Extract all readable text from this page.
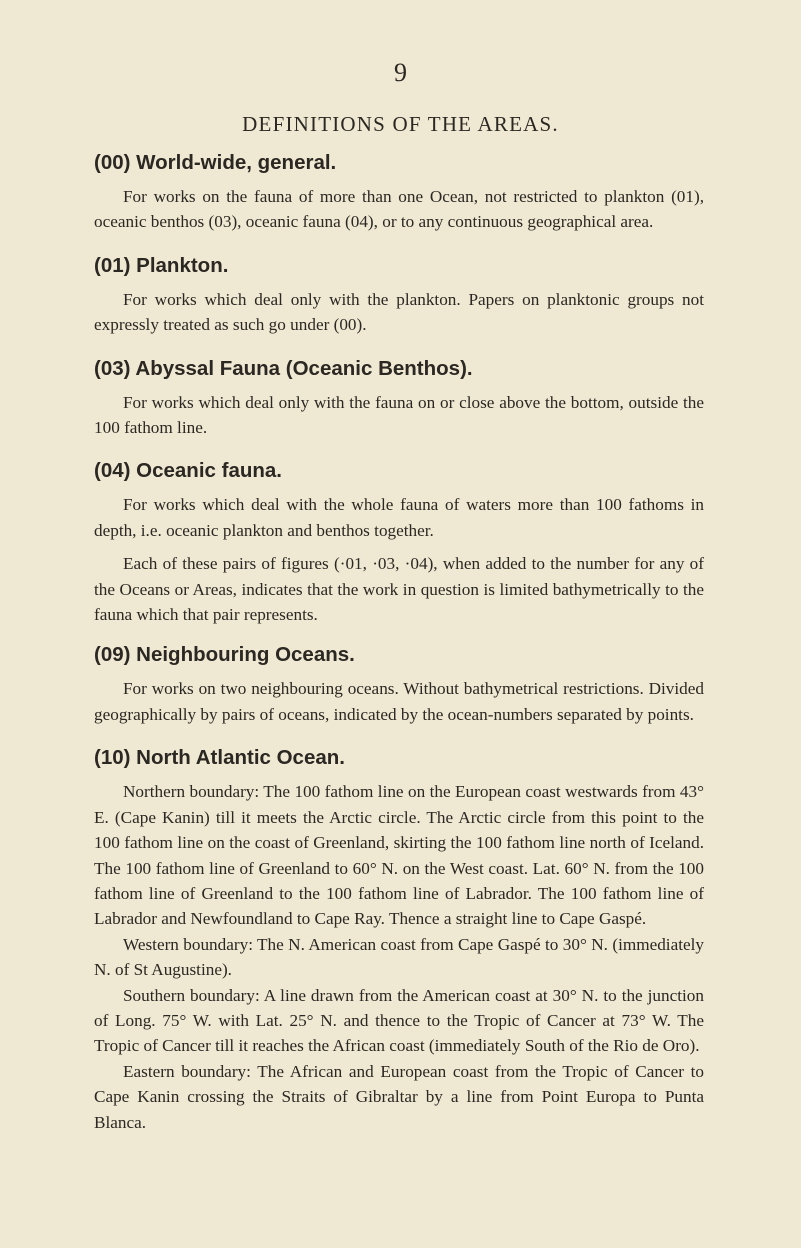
9
DEFINITIONS OF THE AREAS.
(00) World-wide, general.

For works on the fauna of more than one Ocean, not restricted to plankton (01), oceanic benthos (03), oceanic fauna (04), or to any continuous geographical area.

(01) Plankton.

For works which deal only with the plankton. Papers on planktonic groups not expressly treated as such go under (00).

(03) Abyssal Fauna (Oceanic Benthos).

For works which deal only with the fauna on or close above the bottom, outside the 100 fathom line.

(04) Oceanic fauna.

For works which deal with the whole fauna of waters more than 100 fathoms in depth, i.e. oceanic plankton and benthos together.

Each of these pairs of figures (·01, ·03, ·04), when added to the number for any of the Oceans or Areas, indicates that the work in question is limited bathymetrically to the fauna which that pair represents.

(09) Neighbouring Oceans.

For works on two neighbouring oceans. Without bathymetrical restrictions. Divided geographically by pairs of oceans, indicated by the ocean-numbers separated by points.

(10) North Atlantic Ocean.

Northern boundary: The 100 fathom line on the European coast westwards from 43° E. (Cape Kanin) till it meets the Arctic circle. The Arctic circle from this point to the 100 fathom line on the coast of Greenland, skirting the 100 fathom line north of Iceland. The 100 fathom line of Greenland to 60° N. on the West coast. Lat. 60° N. from the 100 fathom line of Greenland to the 100 fathom line of Labrador. The 100 fathom line of Labrador and Newfoundland to Cape Ray. Thence a straight line to Cape Gaspé.

Western boundary: The N. American coast from Cape Gaspé to 30° N. (immediately N. of St Augustine).

Southern boundary: A line drawn from the American coast at 30° N. to the junction of Long. 75° W. with Lat. 25° N. and thence to the Tropic of Cancer at 73° W. The Tropic of Cancer till it reaches the African coast (immediately South of the Rio de Oro).

Eastern boundary: The African and European coast from the Tropic of Cancer to Cape Kanin crossing the Straits of Gibraltar by a line from Point Europa to Punta Blanca.
